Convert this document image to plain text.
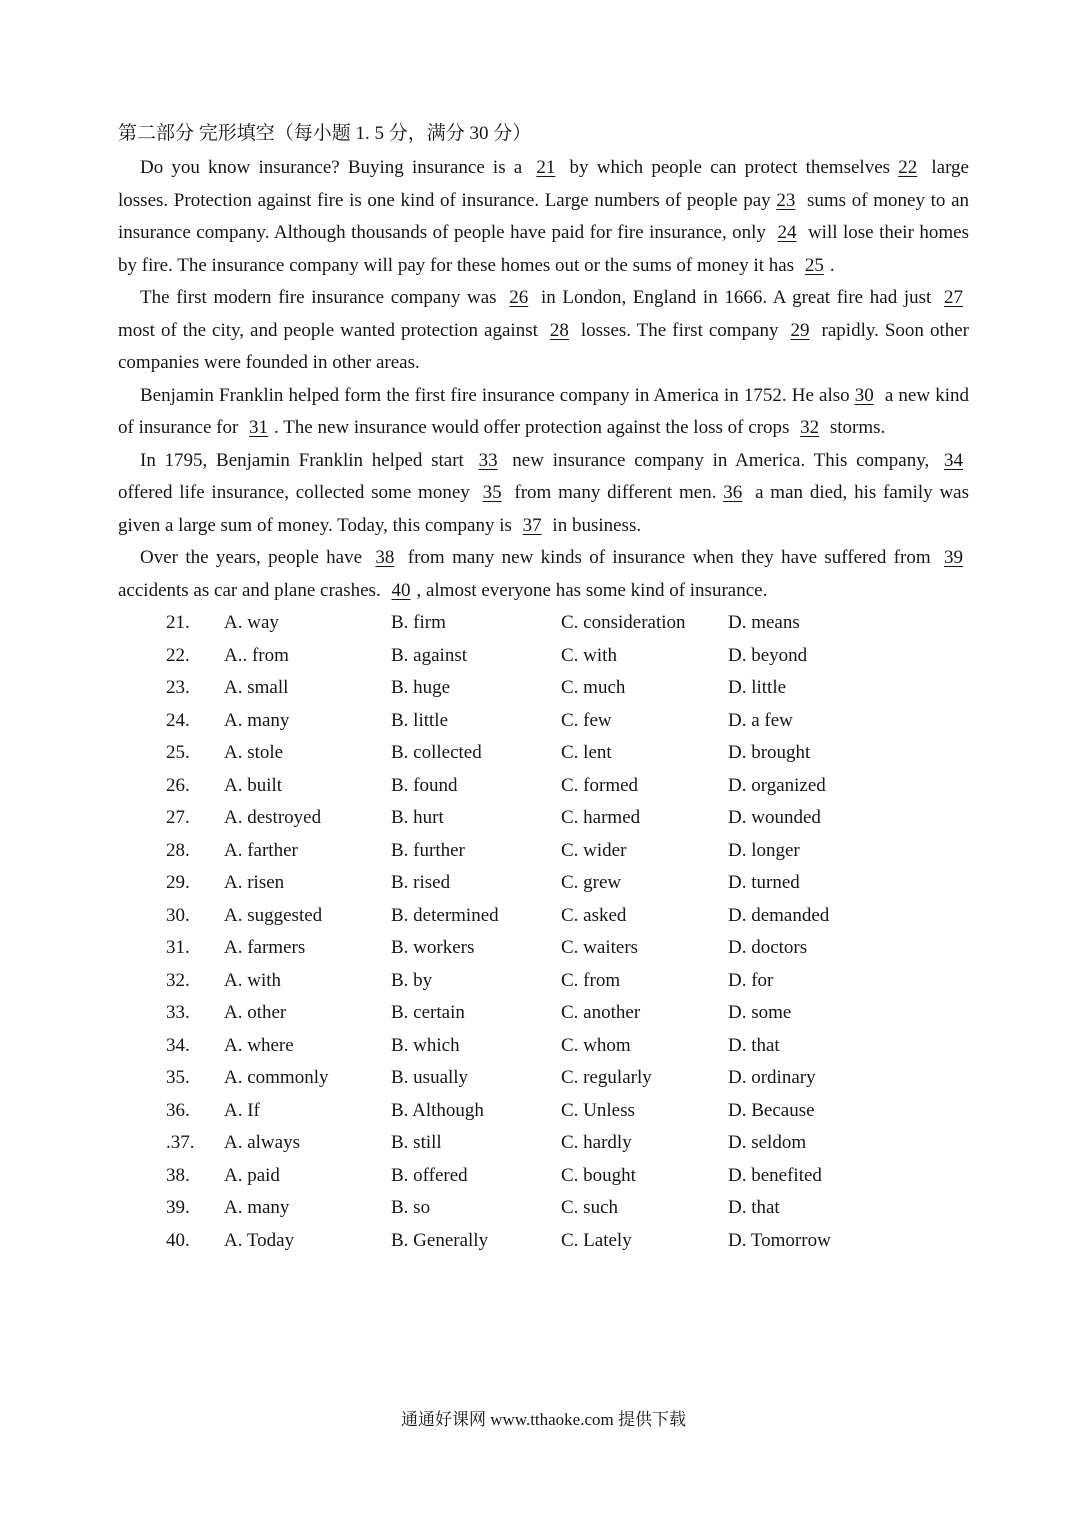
第二部分 完形填空（每小题 1. 5 分，满分 30 分）

Do you know insurance? Buying insurance is a 21 by which people can protect themselves 22 large losses. Protection against fire is one kind of insurance. Large numbers of people pay 23 sums of money to an insurance company. Although thousands of people have paid for fire insurance, only 24 will lose their homes by fire. The insurance company will pay for these homes out or the sums of money it has 25 .

The first modern fire insurance company was 26 in London, England in 1666. A great fire had just 27 most of the city, and people wanted protection against 28 losses. The first company 29 rapidly. Soon other companies were founded in other areas.

Benjamin Franklin helped form the first fire insurance company in America in 1752. He also 30 a new kind of insurance for 31 . The new insurance would offer protection against the loss of crops 32 storms.

In 1795, Benjamin Franklin helped start 33 new insurance company in America. This company, 34 offered life insurance, collected some money 35 from many different men. 36 a man died, his family was given a large sum of money. Today, this company is 37 in business.

Over the years, people have 38 from many new kinds of insurance when they have suffered from 39 accidents as car and plane crashes. 40 , almost everyone has some kind of insurance.

21. A. way	B. firm	C. consideration D. means
22. A.. from	B. against	C. with	D. beyond
23. A. small	B. huge	C. much	D. little
24. A. many	B. little	C. few	D. a few
25. A. stole	B. collected	C. lent	D. brought
26. A. built	B. found	C. formed	D. organized
27. A. destroyed	B. hurt	C. harmed	D. wounded
28. A. farther	B. further	C. wider	D. longer
29. A. risen	B. rised	C. grew	D. turned
30. A. suggested	B. determined	C. asked	D. demanded
31. A. farmers	B. workers	C. waiters	D. doctors
32. A. with	B. by	C. from	D. for
33. A. other	B. certain	C. another	D. some
34. A. where	B. which	C. whom	D. that
35. A. commonly	B. usually	C. regularly	D. ordinary
36. A. If	B. Although	C. Unless	D. Because
.37. A. always	B. still	C. hardly	D. seldom
38. A. paid	B. offered	C. bought	D. benefited
39. A. many	B. so	C. such	D. that
40. A. Today	B. Generally	C. Lately	D. Tomorrow
通通好课网 www.tthaoke.com 提供下载
